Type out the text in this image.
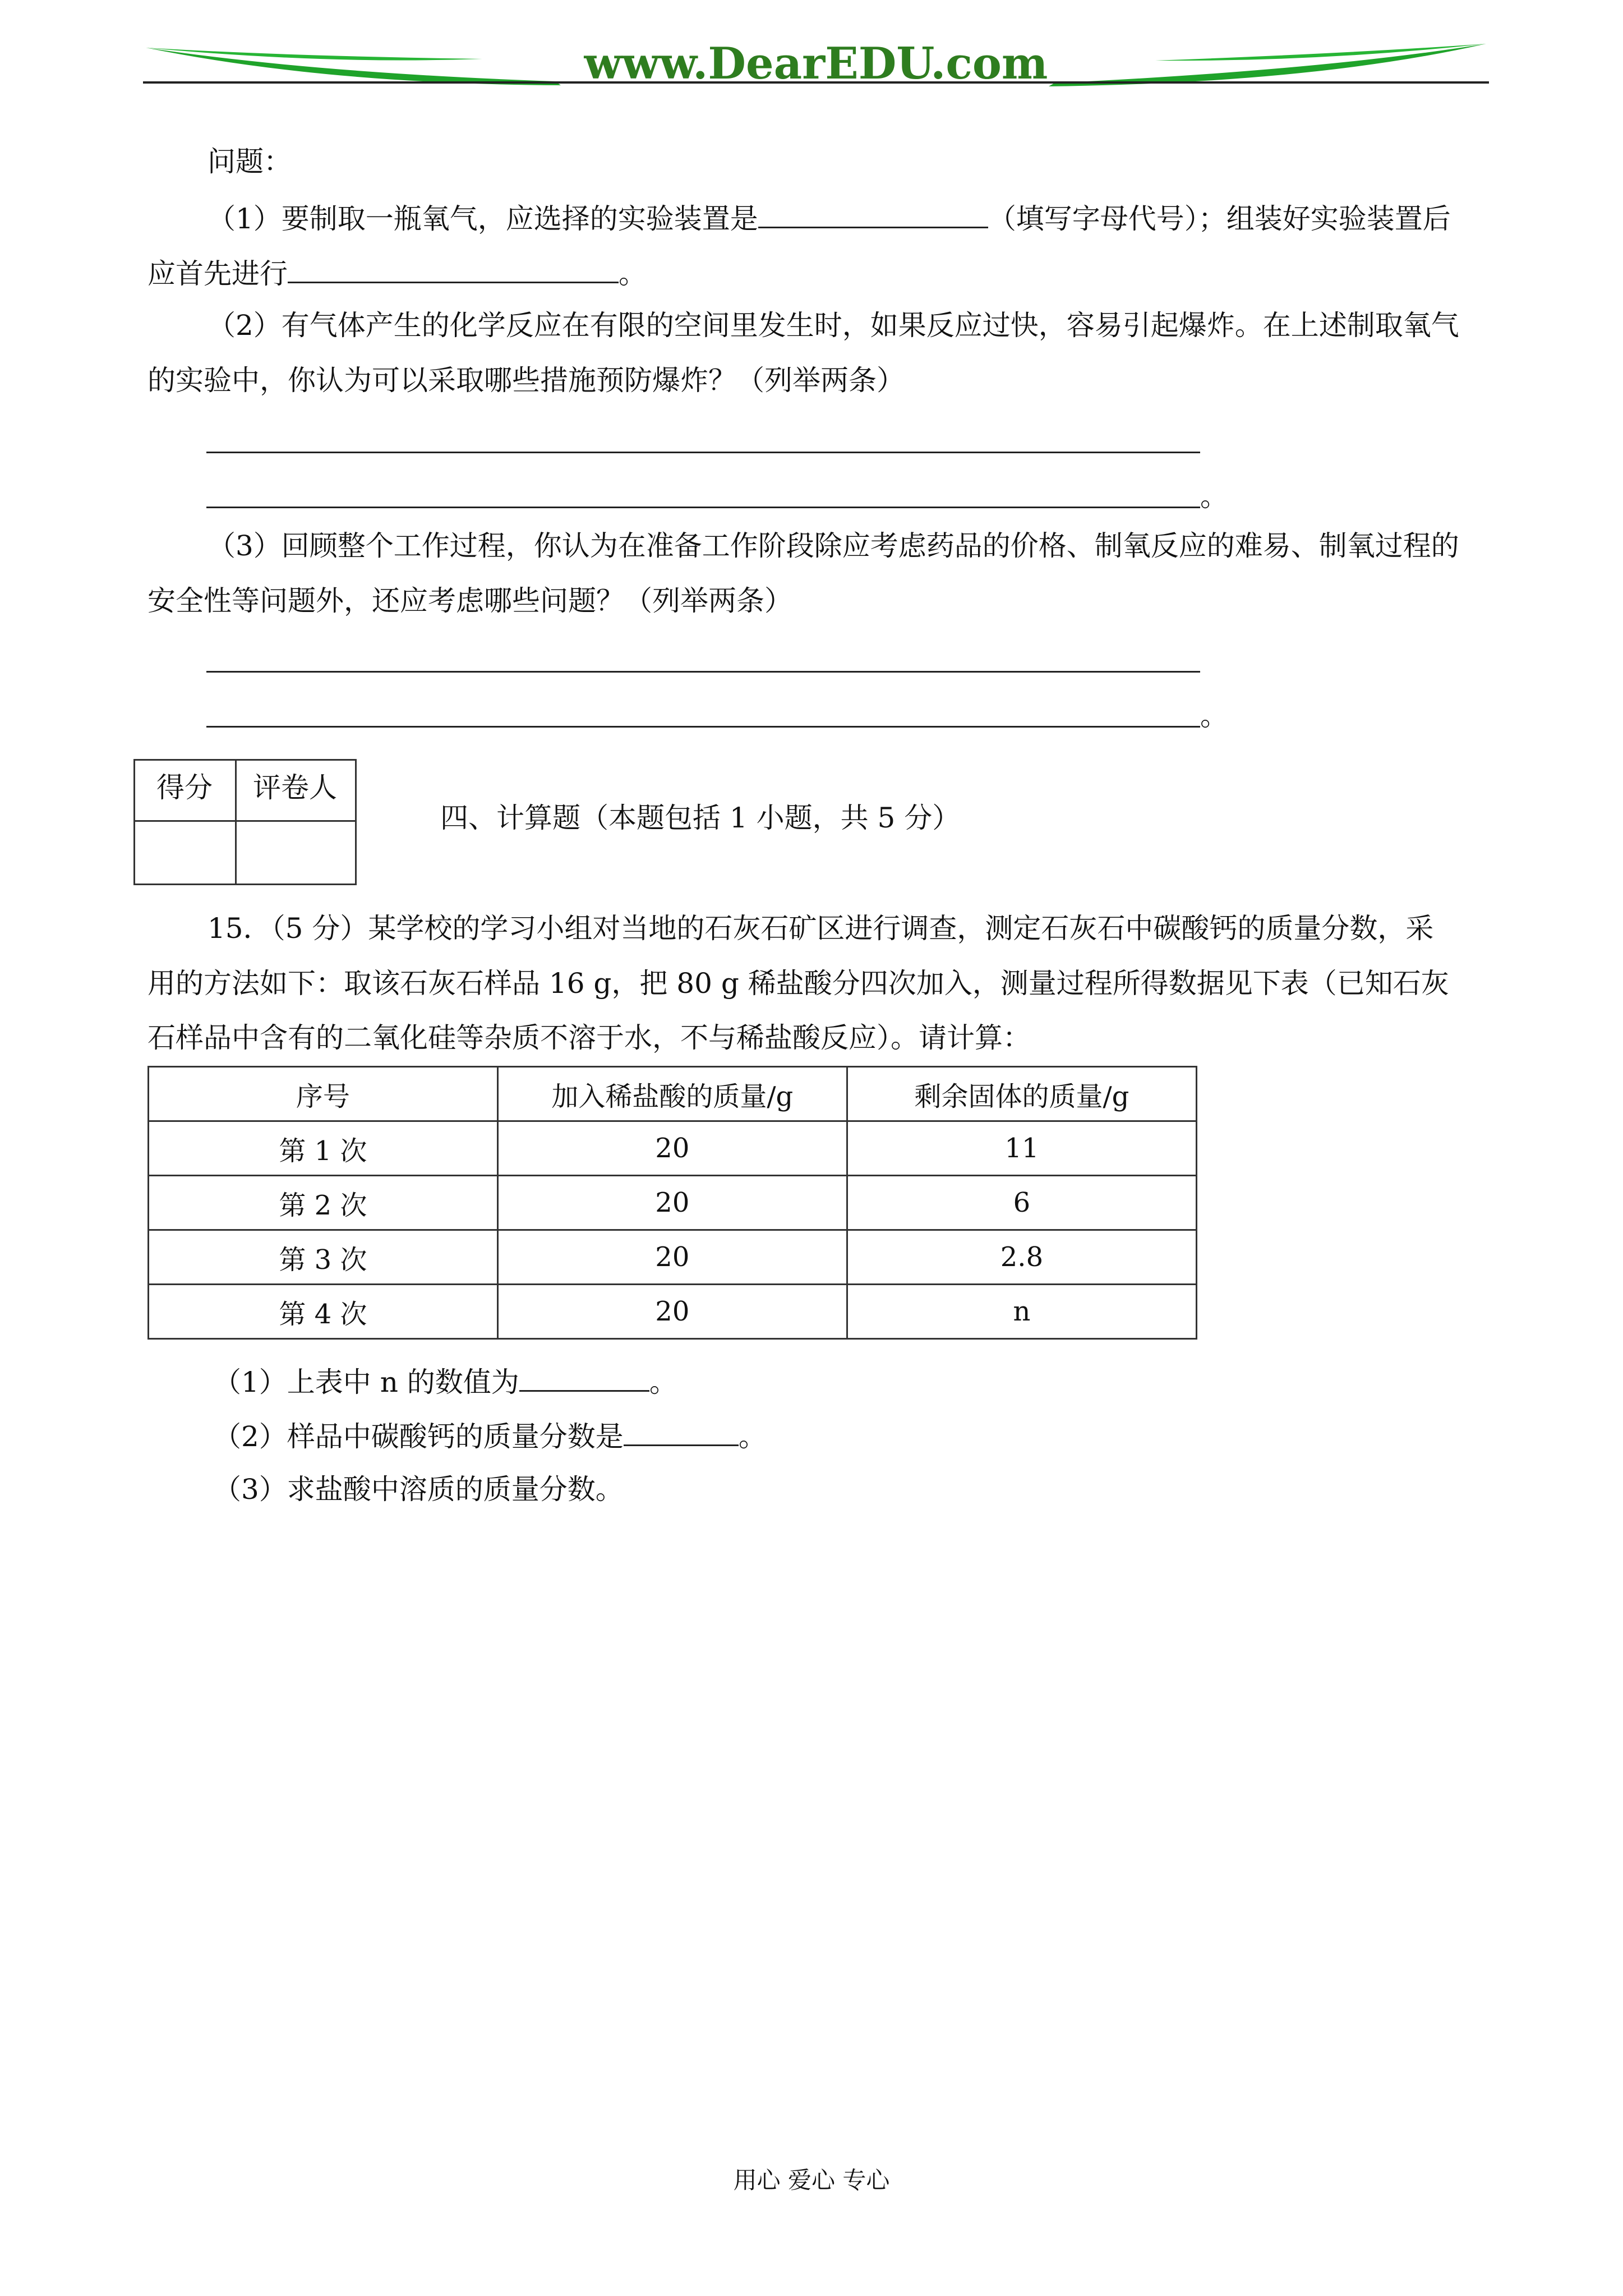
www.DearEDU.com
问题：
（1）要制取一瓶氧气，应选择的实验装置是	（填写字母代号）；组装好实验装置后
应首先进行	。
（2）有气体产生的化学反应在有限的空间里发生时，如果反应过快，容易引起爆炸。在上述制取氧气
的实验中，你认为可以采取哪些措施预防爆炸？（列举两条）
。
（3）回顾整个工作过程，你认为在准备工作阶段除应考虑药品的价格、制氧反应的难易、制氧过程的
安全性等问题外，还应考虑哪些问题？（列举两条）
。
得分 评卷人
四、计算题（本题包括 1 小题，共 5 分）
15．（5 分）某学校的学习小组对当地的石灰石矿区进行调查，测定石灰石中碳酸钙的质量分数，采
用的方法如下：取该石灰石样品 16 g，把 80 g 稀盐酸分四次加入，测量过程所得数据见下表（已知石灰
石样品中含有的二氧化硅等杂质不溶于水，不与稀盐酸反应）。请计算：
序号	加入稀盐酸的质量/g	剩余固体的质量/g
第 1 次	20	11
第 2 次	20	6
第 3 次	20	2.8
第 4 次	20	n
（1）上表中 n 的数值为	。
（2）样品中碳酸钙的质量分数是	。
（3）求盐酸中溶质的质量分数。
用心 爱心 专心
